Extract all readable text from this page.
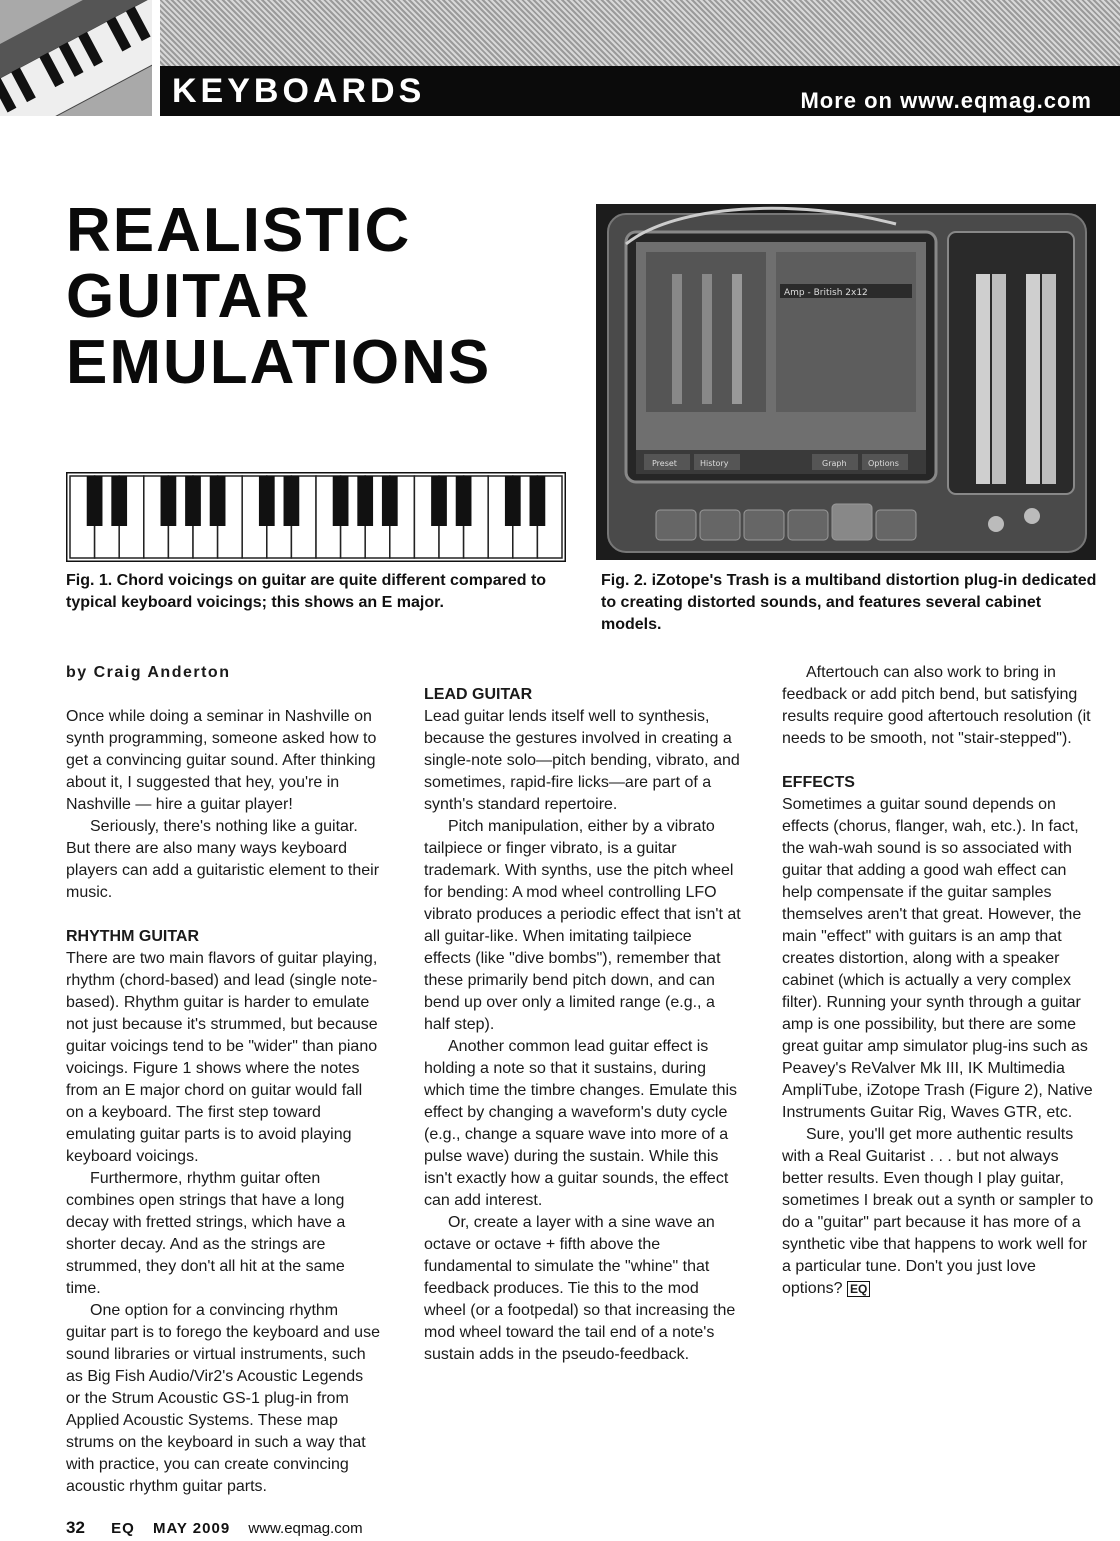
KEYBOARDS	More on www.eqmag.com
REALISTIC
GUITAR
EMULATIONS

Fig. 1. Chord voicings on guitar are quite different compared to typical keyboard voicings; this shows an E major.

Amp - British 2x12
Preset	History	Graph	Options

Fig. 2. iZotope's Trash is a multiband distortion plug-in dedicated to creating distorted sounds, and features several cabinet models.

by Craig Anderton

Once while doing a seminar in Nashville on synth programming, someone asked how to get a convincing guitar sound. After thinking about it, I suggested that hey, you're in Nashville — hire a guitar player!

Seriously, there's nothing like a guitar. But there are also many ways keyboard players can add a guitaristic element to their music.

RHYTHM GUITAR

There are two main flavors of guitar playing, rhythm (chord-based) and lead (single note-based). Rhythm guitar is harder to emulate not just because it's strummed, but because guitar voicings tend to be "wider" than piano voicings. Figure 1 shows where the notes from an E major chord on guitar would fall on a keyboard. The first step toward emulating guitar parts is to avoid playing keyboard voicings.

Furthermore, rhythm guitar often combines open strings that have a long decay with fretted strings, which have a shorter decay. And as the strings are strummed, they don't all hit at the same time.

One option for a convincing rhythm guitar part is to forego the keyboard and use sound libraries or virtual instruments, such as Big Fish Audio/Vir2's Acoustic Legends or the Strum Acoustic GS-1 plug-in from Applied Acoustic Systems. These map strums on the keyboard in such a way that with practice, you can create convincing acoustic rhythm guitar parts.

LEAD GUITAR

Lead guitar lends itself well to synthesis, because the gestures involved in creating a single-note solo—pitch bending, vibrato, and sometimes, rapid-fire licks—are part of a synth's standard repertoire.

Pitch manipulation, either by a vibrato tailpiece or finger vibrato, is a guitar trademark. With synths, use the pitch wheel for bending: A mod wheel controlling LFO vibrato produces a periodic effect that isn't at all guitar-like. When imitating tailpiece effects (like "dive bombs"), remember that these primarily bend pitch down, and can bend up over only a limited range (e.g., a half step).

Another common lead guitar effect is holding a note so that it sustains, during which time the timbre changes. Emulate this effect by changing a waveform's duty cycle (e.g., change a square wave into more of a pulse wave) during the sustain. While this isn't exactly how a guitar sounds, the effect can add interest.

Or, create a layer with a sine wave an octave or octave + fifth above the fundamental to simulate the "whine" that feedback produces. Tie this to the mod wheel (or a footpedal) so that increasing the mod wheel toward the tail end of a note's sustain adds in the pseudo-feedback.

Aftertouch can also work to bring in feedback or add pitch bend, but satisfying results require good aftertouch resolution (it needs to be smooth, not "stair-stepped").

EFFECTS

Sometimes a guitar sound depends on effects (chorus, flanger, wah, etc.). In fact, the wah-wah sound is so associated with guitar that adding a good wah effect can help compensate if the guitar samples themselves aren't that great. However, the main "effect" with guitars is an amp that creates distortion, along with a speaker cabinet (which is actually a very complex filter). Running your synth through a guitar amp is one possibility, but there are some great guitar amp simulator plug-ins such as Peavey's ReValver Mk III, IK Multimedia AmpliTube, iZotope Trash (Figure 2), Native Instruments Guitar Rig, Waves GTR, etc.

Sure, you'll get more authentic results with a Real Guitarist . . . but not always better results. Even though I play guitar, sometimes I break out a synth or sampler to do a "guitar" part because it has more of a synthetic vibe that happens to work well for a particular tune. Don't you just love options? EQ

32 EQ MAY 2009 www.eqmag.com
